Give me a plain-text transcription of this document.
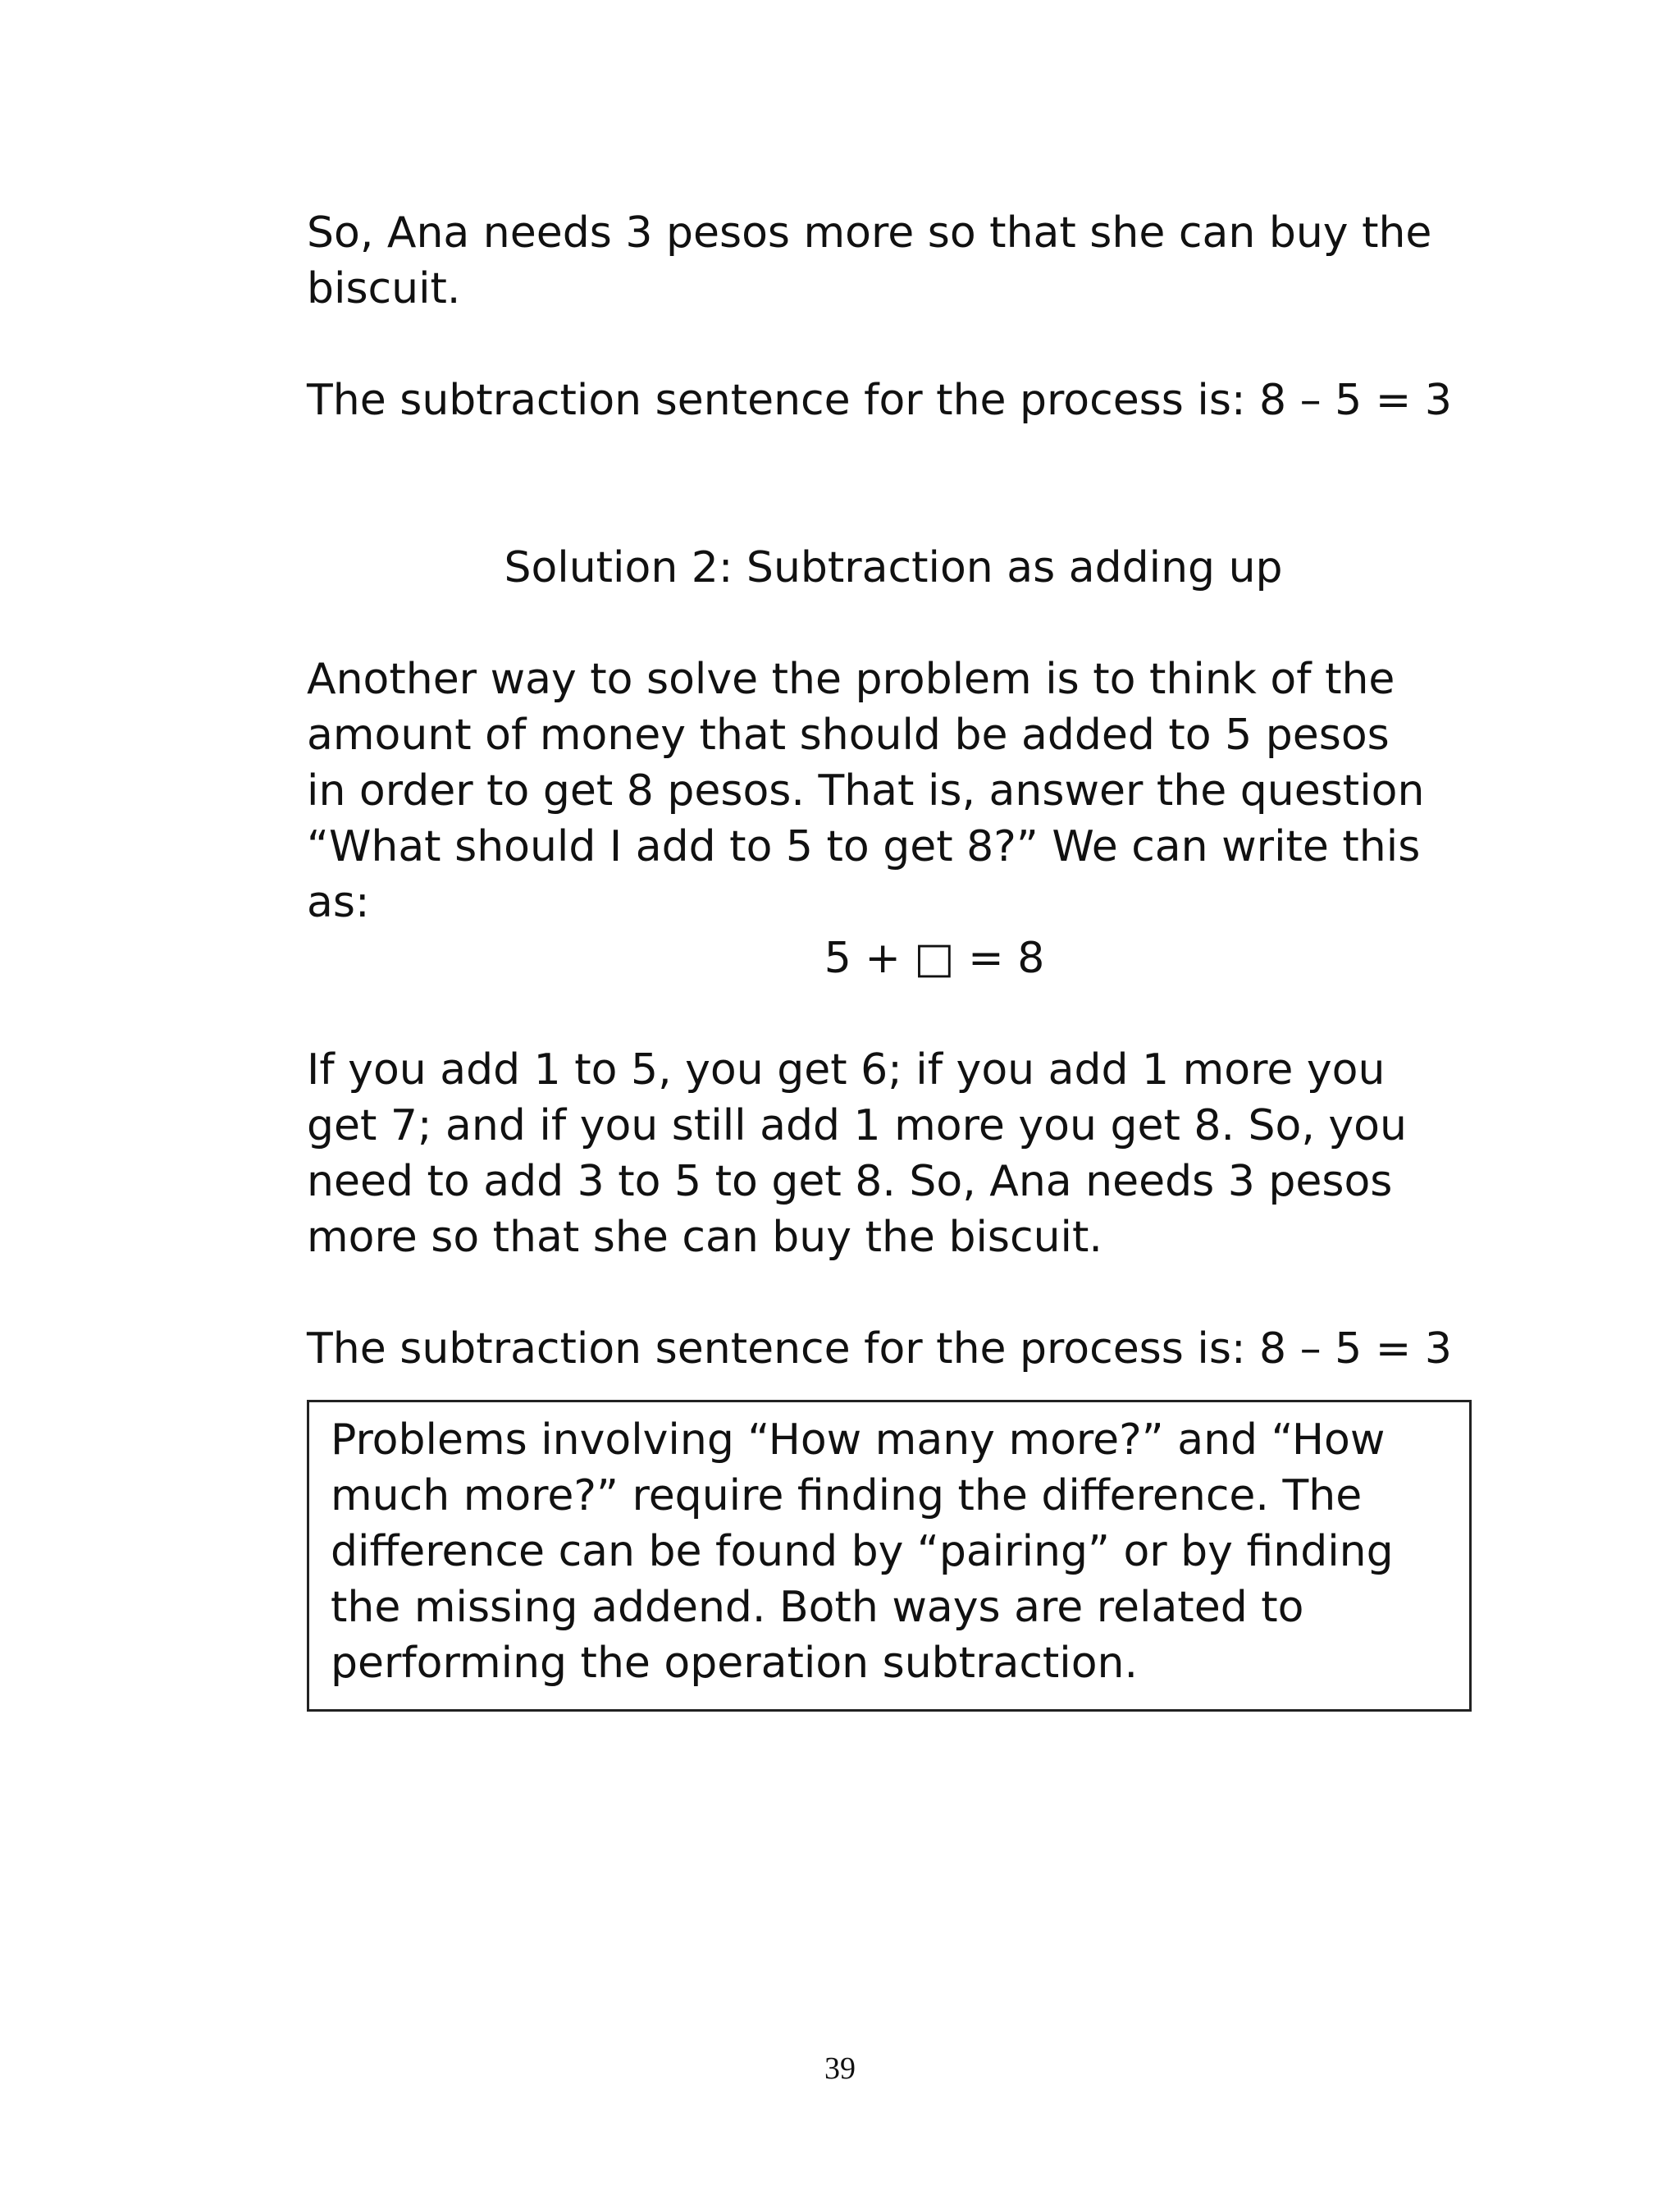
So, Ana needs 3 pesos more so that she can buy the
biscuit.

The subtraction sentence for the process is: 8 – 5 = 3

Solution 2: Subtraction as adding up

Another way to solve the problem is to think of the
amount of money that should be added to 5 pesos
in order to get 8 pesos. That is, answer the question
“What should I add to 5 to get 8?” We can write this
as:

5 + □ = 8

If you add 1 to 5, you get 6; if you add 1 more you
get 7; and if you still add 1 more you get 8. So, you
need to add 3 to 5 to get 8. So, Ana needs 3 pesos
more so that she can buy the biscuit.

The subtraction sentence for the process is: 8 – 5 = 3

Problems involving “How many more?” and “How
much more?” require finding the difference. The
difference can be found by “pairing” or by finding
the missing addend. Both ways are related to
performing the operation subtraction.

39
